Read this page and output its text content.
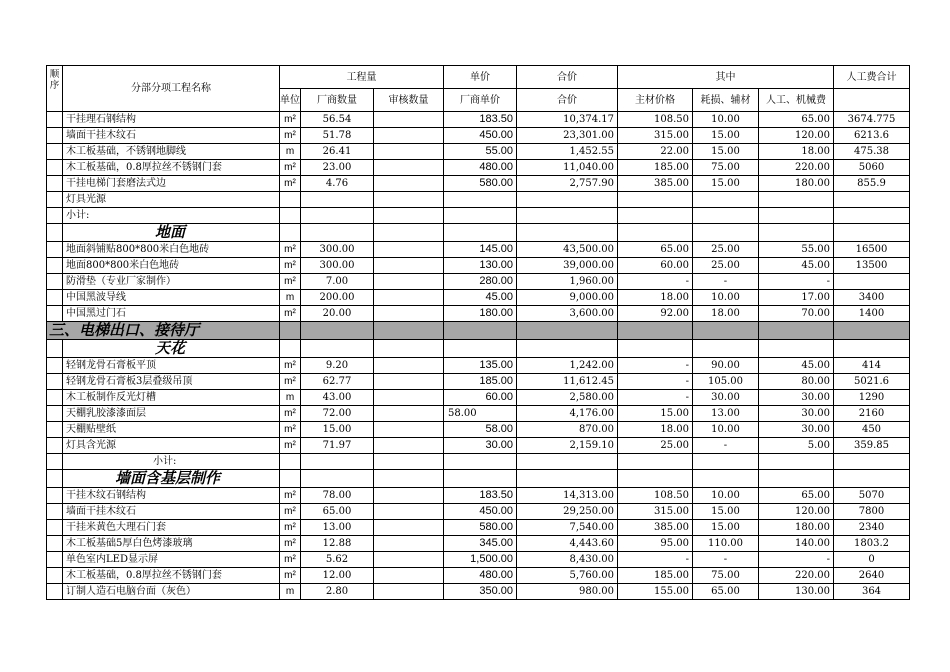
顺序	分部分项工程名称	工程量			单价	合价	其中			人工费合计
		单位	厂商数量	审核数量	厂商单价	合价	主材价格	耗损、辅材	人工、机械费	
	干挂理石钢结构	m²	56.54		183.50	10,374.17	108.50	10.00	65.00	3674.775
	墙面干挂木纹石	m²	51.78		450.00	23,301.00	315.00	15.00	120.00	6213.6
	木工板基础，不锈钢地脚线	m	26.41		55.00	1,452.55	22.00	15.00	18.00	475.38
	木工板基础，0.8厚拉丝不锈钢门套	m²	23.00		480.00	11,040.00	185.00	75.00	220.00	5060
	干挂电梯门套磨法式边	m²	4.76		580.00	2,757.90	385.00	15.00	180.00	855.9
	灯具光源									
	小计:									
	地面									
	地面斜铺贴800*800米白色地砖	m²	300.00		145.00	43,500.00	65.00	25.00	55.00	16500
	地面800*800米白色地砖	m²	300.00		130.00	39,000.00	60.00	25.00	45.00	13500
	防滑垫（专业厂家制作）	m²	7.00		280.00	1,960.00	-	-	-	
	中国黑波导线	m	200.00		45.00	9,000.00	18.00	10.00	17.00	3400
	中国黑过门石	m²	20.00		180.00	3,600.00	92.00	18.00	70.00	1400
三、电梯出口、接待厅										
	天花									
	轻钢龙骨石膏板平顶	m²	9.20		135.00	1,242.00	-	90.00	45.00	414
	轻钢龙骨石膏板3层叠级吊顶	m²	62.77		185.00	11,612.45	-	105.00	80.00	5021.6
	木工板制作反光灯槽	m	43.00		60.00	2,580.00	-	30.00	30.00	1290
	天棚乳胶漆漆面层	m²	72.00		58.00	4,176.00	15.00	13.00	30.00	2160
	天棚贴壁纸	m²	15.00		58.00	870.00	18.00	10.00	30.00	450
	灯具含光源	m²	71.97		30.00	2,159.10	25.00	-	5.00	359.85
	小计:									
	墙面含基层制作									
	干挂木纹石钢结构	m²	78.00		183.50	14,313.00	108.50	10.00	65.00	5070
	墙面干挂木纹石	m²	65.00		450.00	29,250.00	315.00	15.00	120.00	7800
	干挂米黄色大理石门套	m²	13.00		580.00	7,540.00	385.00	15.00	180.00	2340
	木工板基础5厚白色烤漆玻璃	m²	12.88		345.00	4,443.60	95.00	110.00	140.00	1803.2
	单色室内LED显示屏	m²	5.62		1,500.00	8,430.00	-	-	-	0
	木工板基础，0.8厚拉丝不锈钢门套	m²	12.00		480.00	5,760.00	185.00	75.00	220.00	2640
	订制人造石电脑台面（灰色）	m	2.80		350.00	980.00	155.00	65.00	130.00	364
